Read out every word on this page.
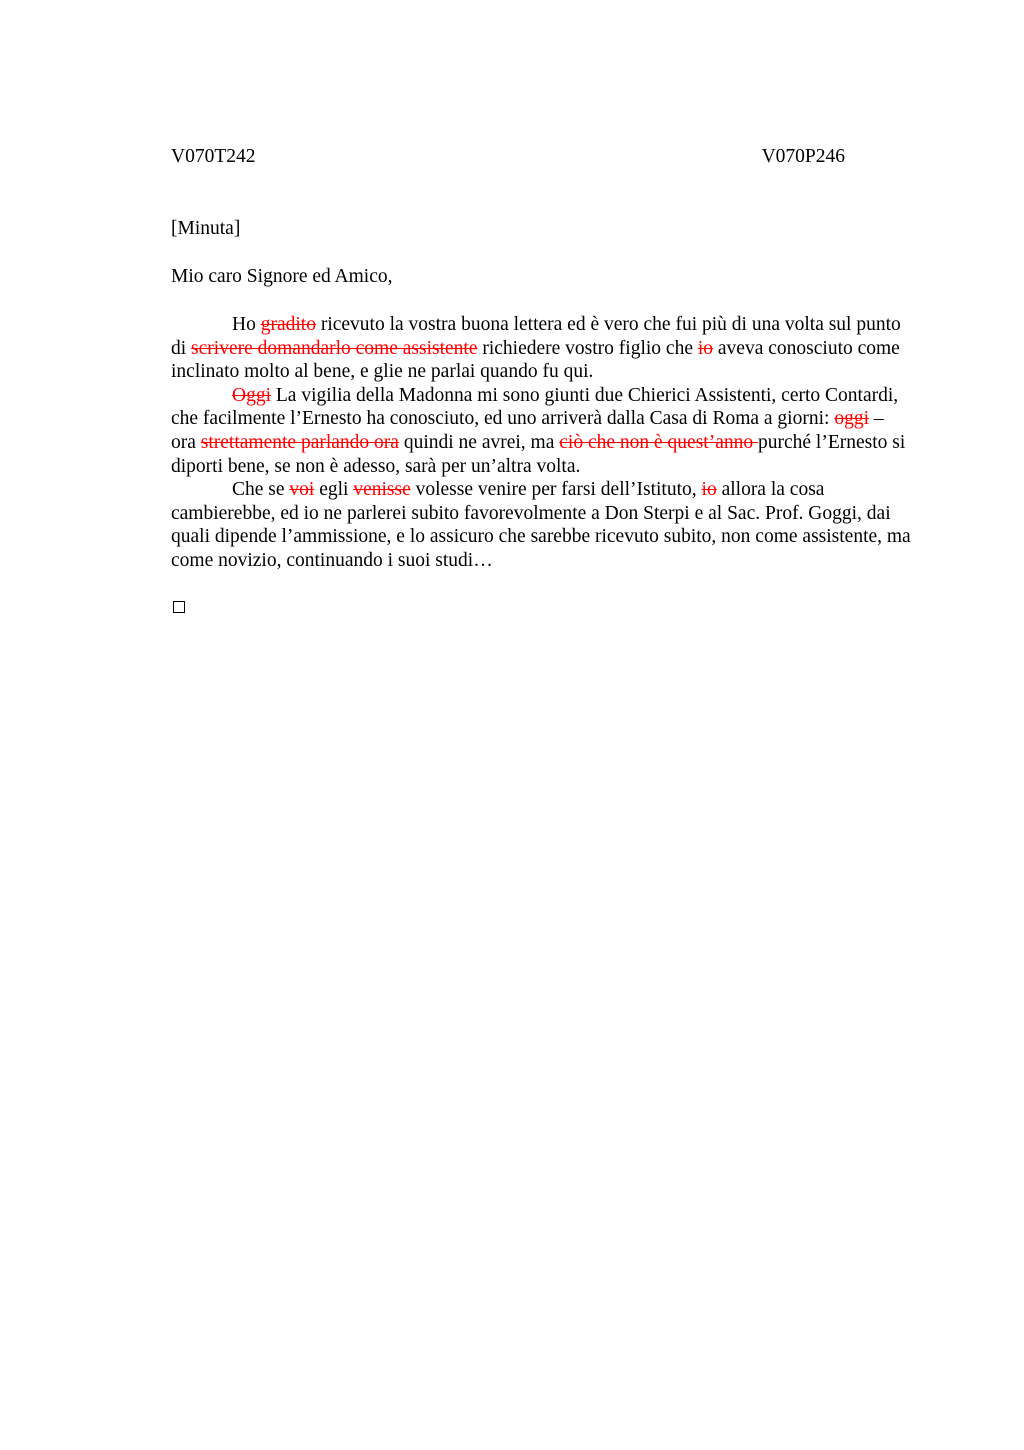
V070T242	V070P246
[Minuta]
Mio caro Signore ed Amico,

Ho gradito ricevuto la vostra buona lettera ed è vero che fui più di una volta sul punto di scrivere domandarlo come assistente richiedere vostro figlio che io aveva conosciuto come inclinato molto al bene, e glie ne parlai quando fu qui.

Oggi La vigilia della Madonna mi sono giunti due Chierici Assistenti, certo Contardi, che facilmente l’Ernesto ha conosciuto, ed uno arriverà dalla Casa di Roma a giorni: oggi – ora strettamente parlando ora quindi ne avrei, ma ciò che non è quest’anno purché l’Ernesto si diporti bene, se non è adesso, sarà per un’altra volta.

Che se voi egli venisse volesse venire per farsi dell’Istituto, io allora la cosa cambierebbe, ed io ne parlerei subito favorevolmente a Don Sterpi e al Sac. Prof. Goggi, dai quali dipende l’ammissione, e lo assicuro che sarebbe ricevuto subito, non come assistente, ma come novizio, continuando i suoi studi…
